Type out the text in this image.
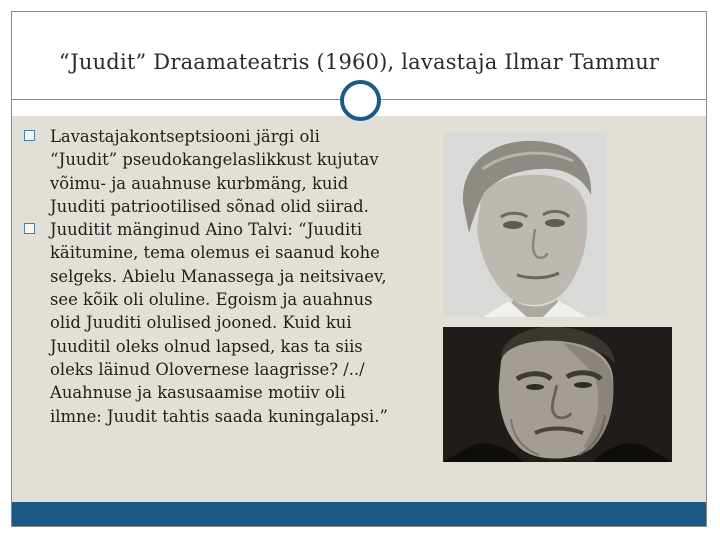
“Juudit” Draamateatris (1960), lavastaja Ilmar Tammur
Lavastajakontseptsiooni järgi oli
“Juudit” pseudokangelaslikkust kujutav
võimu- ja auahnuse kurbmäng, kuid
Juuditi patriootilised sõnad olid siirad.
Juuditit mänginud Aino Talvi: “Juuditi
käitumine, tema olemus ei saanud kohe
selgeks. Abielu Manassega ja neitsivaev,
see kõik oli oluline. Egoism ja auahnus
olid Juuditi olulised jooned. Kuid kui
Juuditil oleks olnud lapsed, kas ta siis
oleks läinud Olovernese laagrisse? /../
Auahnuse ja kasusaamise motiiv oli
ilmne: Juudit tahtis saada kuningalapsi.”
